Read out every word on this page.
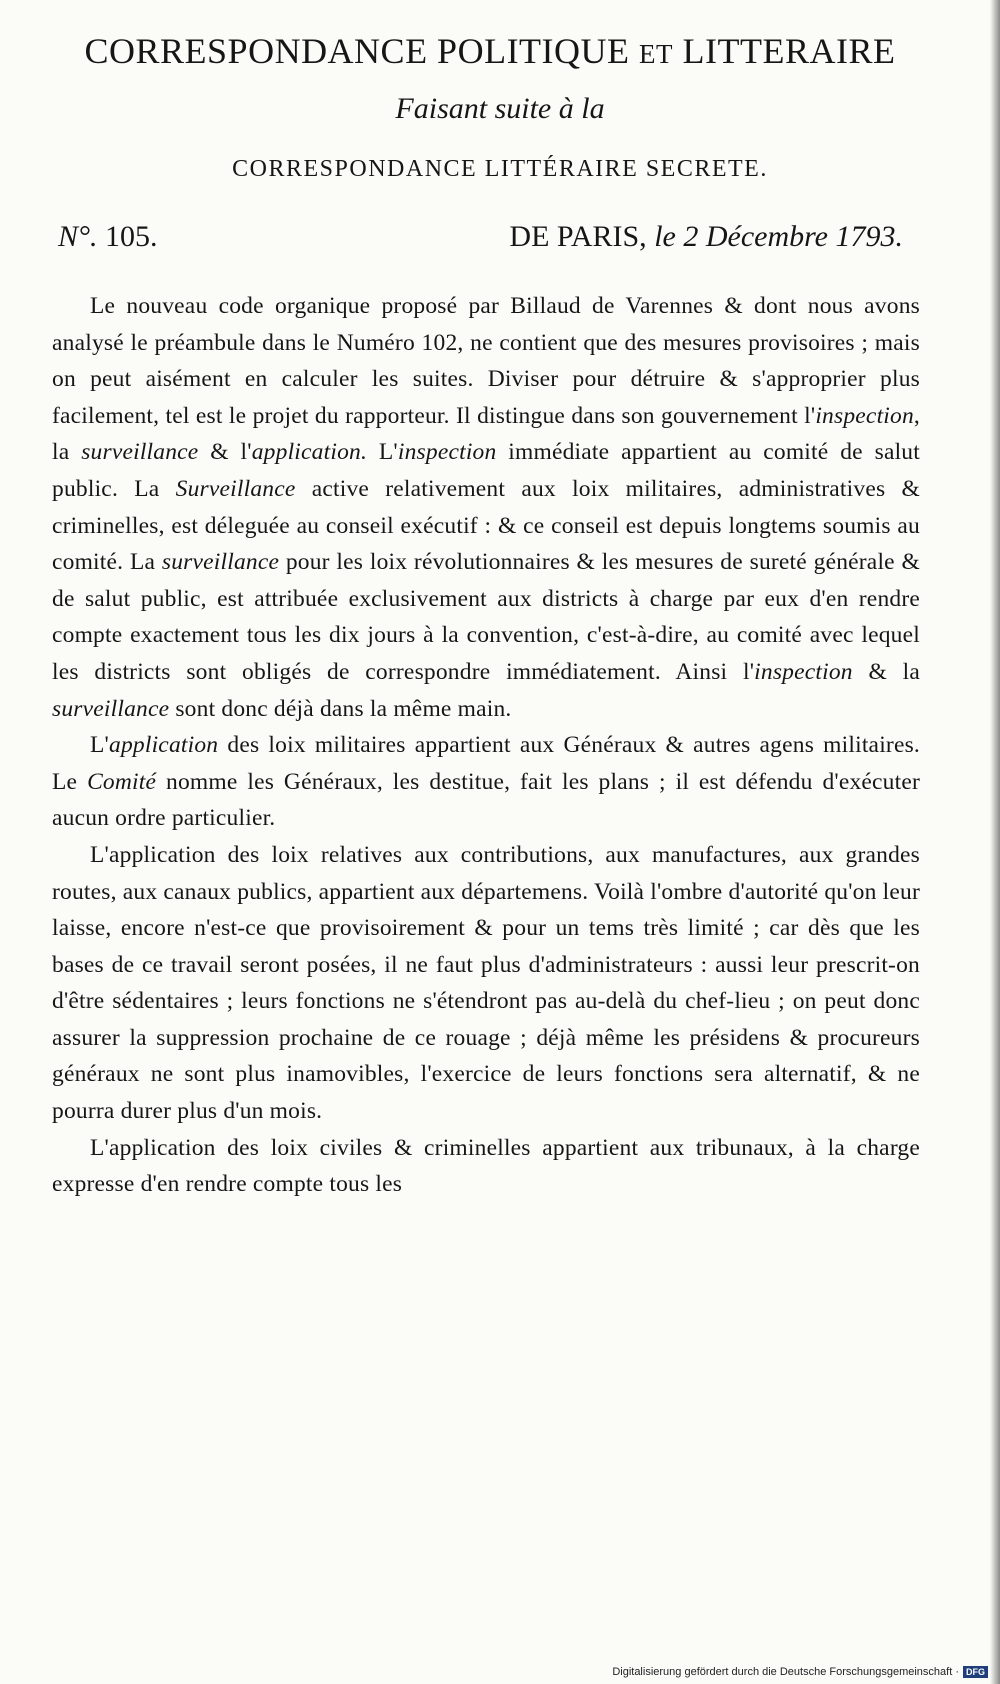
CORRESPONDANCE POLITIQUE ET LITTERAIRE
Faisant suite à la
CORRESPONDANCE LITTÉRAIRE SECRETE.
N°. 105.	DE PARIS, le 2 Décembre 1793.

Le nouveau code organique proposé par Billaud de Varennes & dont nous avons analysé le préambule dans le Numéro 102, ne contient que des mesures provisoires ; mais on peut aisément en calculer les suites. Diviser pour détruire & s'approprier plus facilement, tel est le projet du rapporteur. Il distingue dans son gouvernement l'inspection, la surveillance & l'application. L'inspection immédiate appartient au comité de salut public. La Surveillance active relativement aux loix militaires, administratives & criminelles, est déleguée au conseil exécutif : & ce conseil est depuis longtems soumis au comité. La surveillance pour les loix révolutionnaires & les mesures de sureté générale & de salut public, est attribuée exclusivement aux districts à charge par eux d'en rendre compte exactement tous les dix jours à la convention, c'est-à-dire, au comité avec lequel les districts sont obligés de correspondre immédiatement. Ainsi l'inspection & la surveillance sont donc déjà dans la même main.

L'application des loix militaires appartient aux Généraux & autres agens militaires. Le Comité nomme les Généraux, les destitue, fait les plans ; il est défendu d'exécuter aucun ordre particulier.

L'application des loix relatives aux contributions, aux manufactures, aux grandes routes, aux canaux publics, appartient aux départemens. Voilà l'ombre d'autorité qu'on leur laisse, encore n'est-ce que provisoirement & pour un tems très limité ; car dès que les bases de ce travail seront posées, il ne faut plus d'administrateurs : aussi leur prescrit-on d'être sédentaires ; leurs fonctions ne s'étendront pas au-delà du chef-lieu ; on peut donc assurer la suppression prochaine de ce rouage ; déjà même les présidens & procureurs généraux ne sont plus inamovibles, l'exercice de leurs fonctions sera alternatif, & ne pourra durer plus d'un mois.

L'application des loix civiles & criminelles appartient aux tribunaux, à la charge expresse d'en rendre compte tous les

Digitalisierung gefördert durch die Deutsche Forschungsgemeinschaft · DFG
